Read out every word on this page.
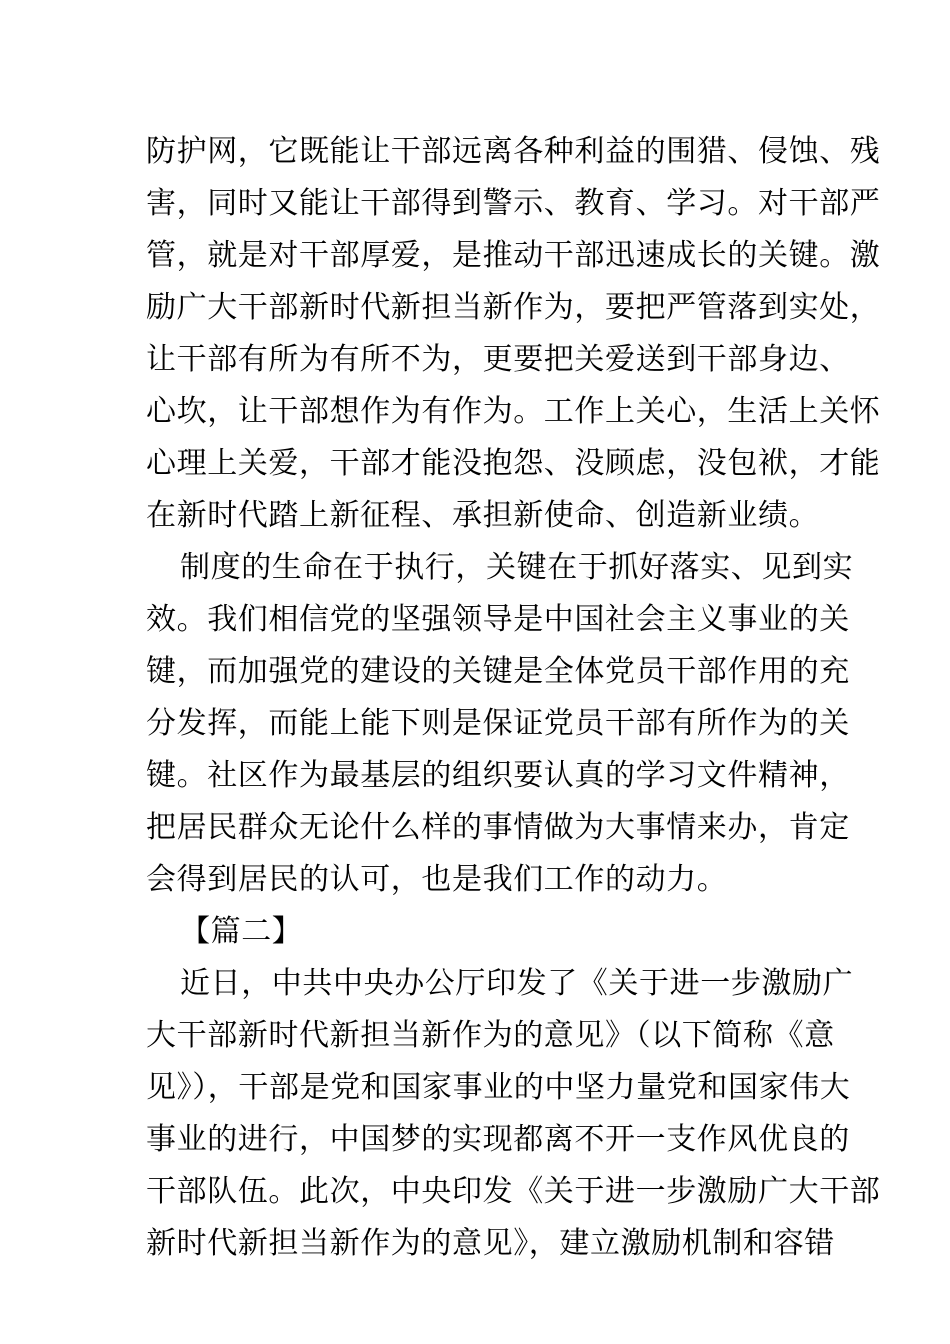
防护网，它既能让干部远离各种利益的围猎、侵蚀、残
害，同时又能让干部得到警示、教育、学习。对干部严
管，就是对干部厚爱，是推动干部迅速成长的关键。激
励广大干部新时代新担当新作为，要把严管落到实处，
让干部有所为有所不为，更要把关爱送到干部身边、
心坎，让干部想作为有作为。工作上关心，生活上关怀
心理上关爱，干部才能没抱怨、没顾虑，没包袱，才能
在新时代踏上新征程、承担新使命、创造新业绩。
制度的生命在于执行，关键在于抓好落实、见到实
效。我们相信党的坚强领导是中国社会主义事业的关
键，而加强党的建设的关键是全体党员干部作用的充
分发挥，而能上能下则是保证党员干部有所作为的关
键。社区作为最基层的组织要认真的学习文件精神，
把居民群众无论什么样的事情做为大事情来办，肯定
会得到居民的认可，也是我们工作的动力。
【篇二】
近日，中共中央办公厅印发了《关于进一步激励广
大干部新时代新担当新作为的意见》（以下简称《意
见》），干部是党和国家事业的中坚力量党和国家伟大
事业的进行，中国梦的实现都离不开一支作风优良的
干部队伍。此次，中央印发《关于进一步激励广大干部
新时代新担当新作为的意见》，建立激励机制和容错
